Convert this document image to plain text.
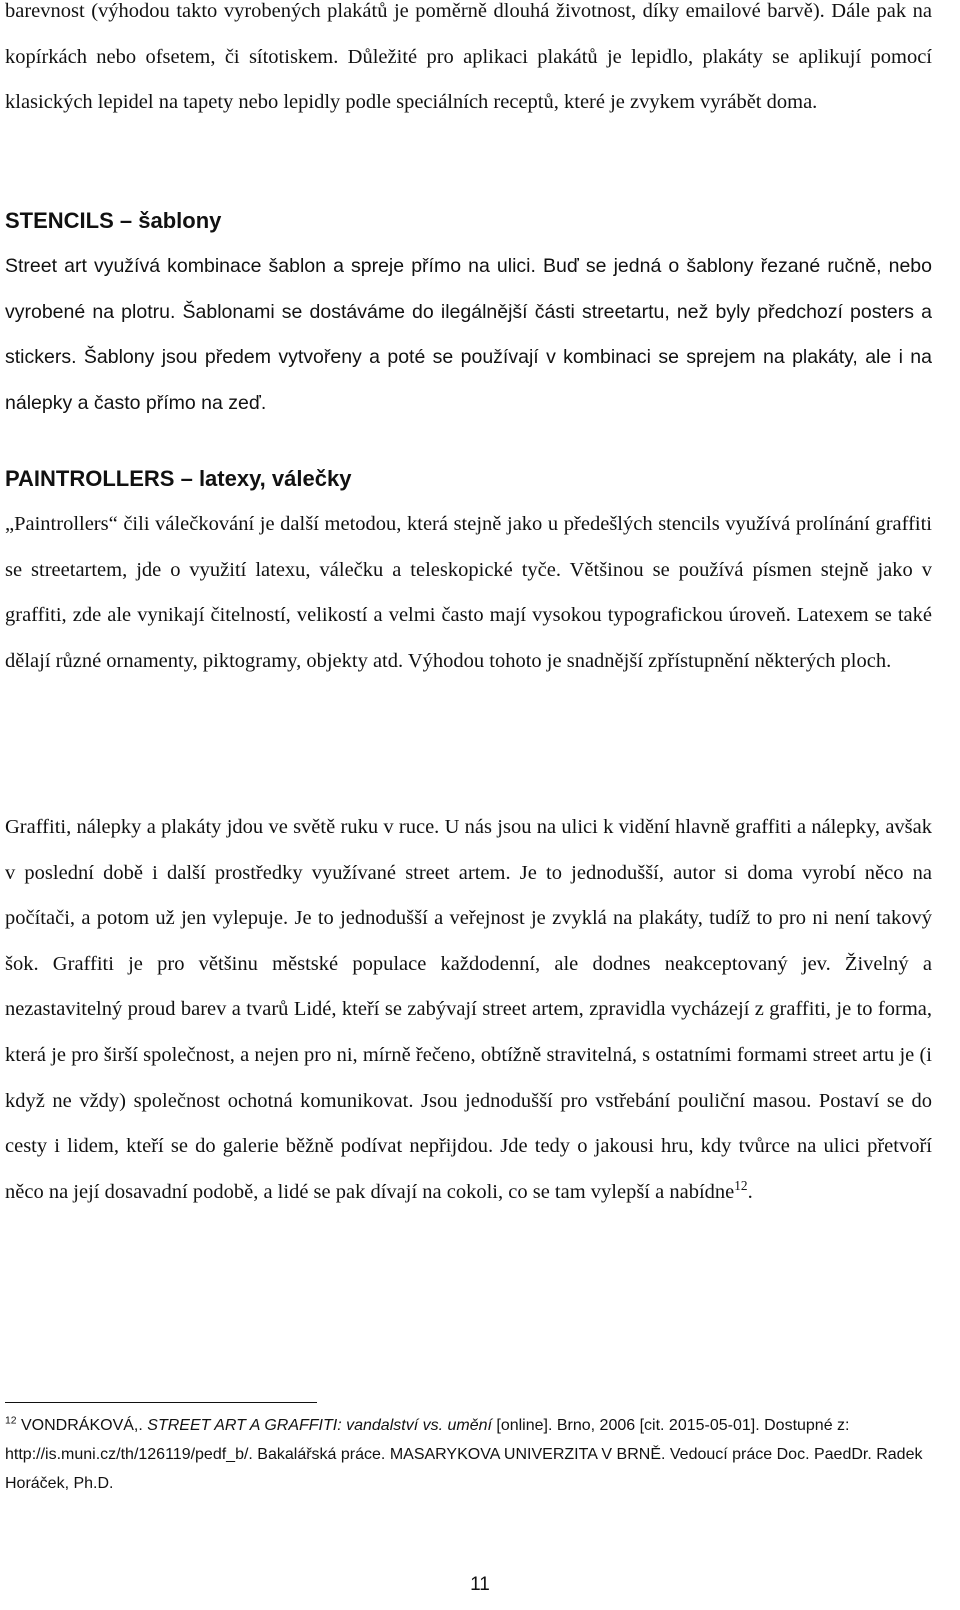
barevnost (výhodou takto vyrobených plakátů je poměrně dlouhá životnost, díky emailové barvě). Dále pak na kopírkách nebo ofsetem, či sítotiskem. Důležité pro aplikaci plakátů je lepidlo, plakáty se aplikují pomocí klasických lepidel na tapety nebo lepidly podle speciálních receptů, které je zvykem vyrábět doma.

STENCILS – šablony

Street art využívá kombinace šablon a spreje přímo na ulici. Buď se jedná o šablony řezané ručně, nebo vyrobené na plotru. Šablonami se dostáváme do ilegálnější části streetartu, než byly předchozí posters a stickers. Šablony jsou předem vytvořeny a poté se používají v kombinaci se sprejem na plakáty, ale i na nálepky a často přímo na zeď.

PAINTROLLERS – latexy, válečky

„Paintrollers“ čili válečkování je další metodou, která stejně jako u předešlých stencils využívá prolínání graffiti se streetartem, jde o využití latexu, válečku a teleskopické tyče. Většinou se používá písmen stejně jako v graffiti, zde ale vynikají čitelností, velikostí a velmi často mají vysokou typografickou úroveň. Latexem se také dělají různé ornamenty, piktogramy, objekty atd. Výhodou tohoto je snadnější zpřístupnění některých ploch.

Graffiti, nálepky a plakáty jdou ve světě ruku v ruce. U nás jsou na ulici k vidění hlavně graffiti a nálepky, avšak v poslední době i další prostředky využívané street artem. Je to jednodušší, autor si doma vyrobí něco na počítači, a potom už jen vylepuje. Je to jednodušší a veřejnost je zvyklá na plakáty, tudíž to pro ni není takový šok. Graffiti je pro většinu městské populace každodenní, ale dodnes neakceptovaný jev. Živelný a nezastavitelný proud barev a tvarů Lidé, kteří se zabývají street artem, zpravidla vycházejí z graffiti, je to forma, která je pro širší společnost, a nejen pro ni, mírně řečeno, obtížně stravitelná, s ostatními formami street artu je (i když ne vždy) společnost ochotná komunikovat. Jsou jednodušší pro vstřebání pouliční masou. Postaví se do cesty i lidem, kteří se do galerie běžně podívat nepřijdou. Jde tedy o jakousi hru, kdy tvůrce na ulici přetvoří něco na její dosavadní podobě, a lidé se pak dívají na cokoli, co se tam vylepší a nabídne$^{12}$.

$^{12}$ VONDRÁKOVÁ,. STREET ART A GRAFFITI: vandalství vs. umění [online]. Brno, 2006 [cit. 2015-05-01]. Dostupné z: http://is.muni.cz/th/126119/pedf_b/. Bakalářská práce. MASARYKOVA UNIVERZITA V BRNĚ. Vedoucí práce Doc. PaedDr. Radek Horáček, Ph.D.

11
